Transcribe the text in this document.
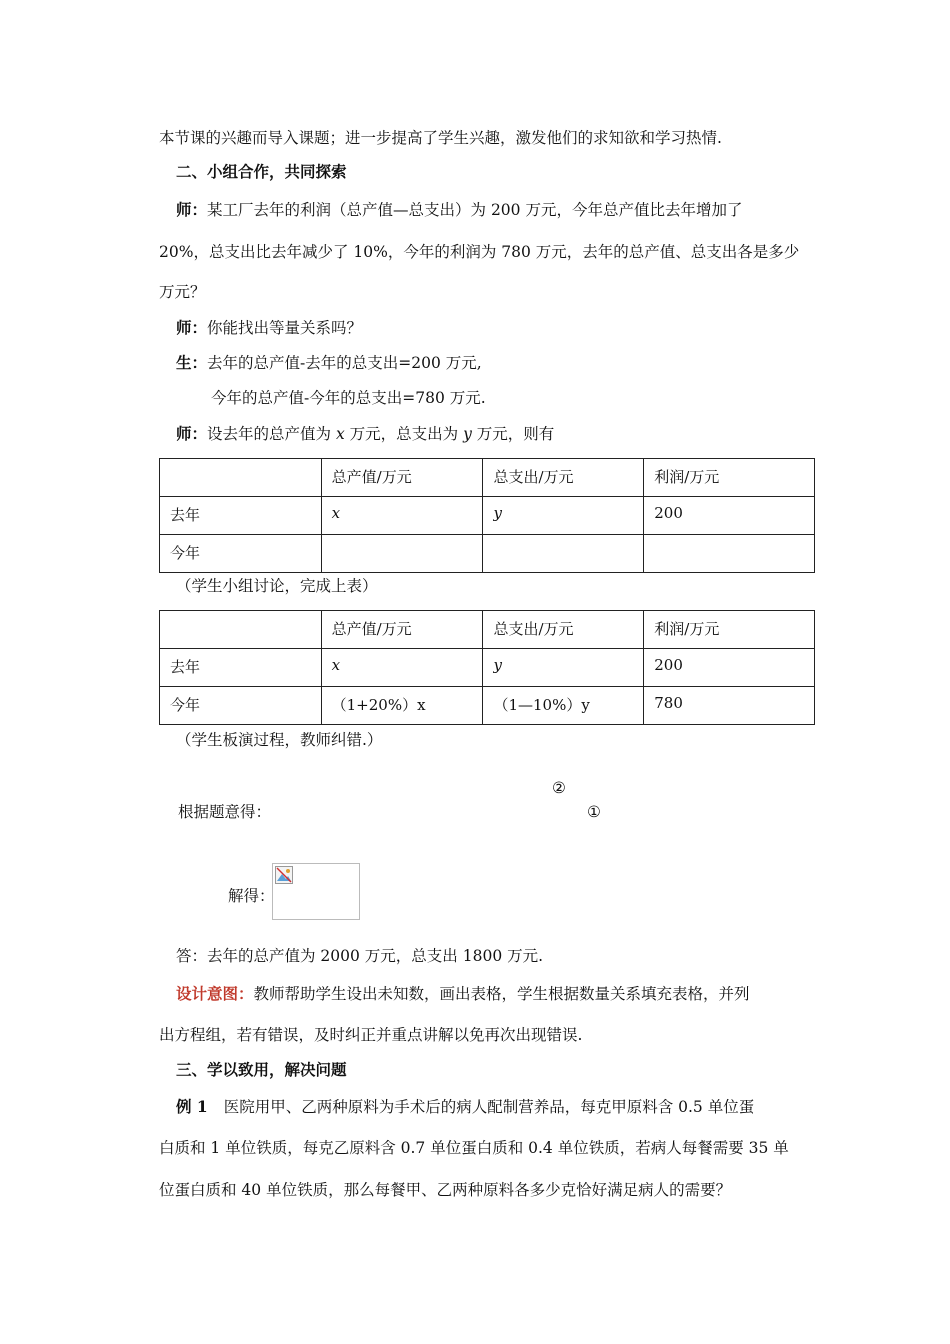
本节课的兴趣而导入课题；进一步提高了学生兴趣，激发他们的求知欲和学习热情.
二、小组合作，共同探索
师：某工厂去年的利润（总产值—总支出）为 200 万元，今年总产值比去年增加了
20%，总支出比去年减少了 10%，今年的利润为 780 万元，去年的总产值、总支出各是多少
万元？
师：你能找出等量关系吗？
生：去年的总产值-去年的总支出=200 万元,
今年的总产值-今年的总支出=780 万元.
师：设去年的总产值为 x 万元，总支出为 y 万元，则有
	总产值/万元	总支出/万元	利润/万元
去年	x	y	200
今年			
（学生小组讨论，完成上表）
	总产值/万元	总支出/万元	利润/万元
去年	x	y	200
今年	（1+20%）x	（1—10%）y	780
（学生板演过程，教师纠错.）
②
根据题意得：	①
解得：
答：去年的总产值为 2000 万元，总支出 1800 万元.
设计意图：教师帮助学生设出未知数，画出表格，学生根据数量关系填充表格，并列
出方程组，若有错误，及时纠正并重点讲解以免再次出现错误.
三、学以致用，解决问题
例 1 医院用甲、乙两种原料为手术后的病人配制营养品，每克甲原料含 0.5 单位蛋
白质和 1 单位铁质，每克乙原料含 0.7 单位蛋白质和 0.4 单位铁质，若病人每餐需要 35 单
位蛋白质和 40 单位铁质，那么每餐甲、乙两种原料各多少克恰好满足病人的需要？
